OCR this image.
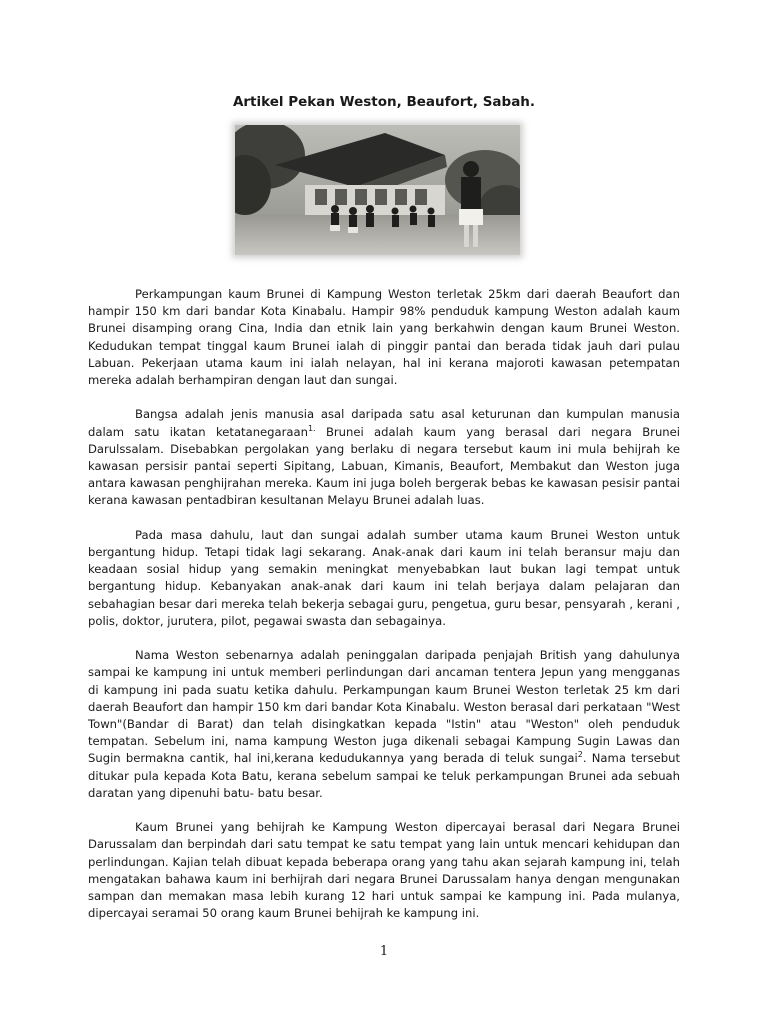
Artikel Pekan Weston, Beaufort, Sabah.

Perkampungan kaum Brunei di Kampung Weston terletak 25km dari daerah Beaufort dan hampir 150 km dari bandar Kota Kinabalu. Hampir 98% penduduk kampung Weston adalah kaum Brunei disamping orang Cina, India dan etnik lain yang berkahwin dengan kaum Brunei Weston. Kedudukan tempat tinggal kaum Brunei ialah di pinggir pantai dan berada tidak jauh dari pulau Labuan. Pekerjaan utama kaum ini ialah nelayan, hal ini kerana majoroti kawasan petempatan mereka adalah berhampiran dengan laut dan sungai.

Bangsa adalah jenis manusia asal daripada satu asal keturunan dan kumpulan manusia dalam satu ikatan ketatanegaraan$^{1.}$ Brunei adalah kaum yang berasal dari negara Brunei Darulssalam. Disebabkan pergolakan yang berlaku di negara tersebut kaum ini mula behijrah ke kawasan persisir pantai seperti Sipitang, Labuan, Kimanis, Beaufort, Membakut dan Weston juga antara kawasan penghijrahan mereka. Kaum ini juga boleh bergerak bebas ke kawasan pesisir pantai kerana kawasan pentadbiran kesultanan Melayu Brunei adalah luas.

Pada masa dahulu, laut dan sungai adalah sumber utama kaum Brunei Weston untuk bergantung hidup. Tetapi tidak lagi sekarang. Anak-anak dari kaum ini telah beransur maju dan keadaan sosial hidup yang semakin meningkat menyebabkan laut bukan lagi tempat untuk bergantung hidup. Kebanyakan anak-anak dari kaum ini telah berjaya dalam pelajaran dan sebahagian besar dari mereka telah bekerja sebagai guru, pengetua, guru besar, pensyarah , kerani , polis, doktor, jurutera, pilot, pegawai swasta dan sebagainya.

Nama Weston sebenarnya adalah peninggalan daripada penjajah British yang dahulunya sampai ke kampung ini untuk memberi perlindungan dari ancaman tentera Jepun yang mengganas di kampung ini pada suatu ketika dahulu. Perkampungan kaum Brunei Weston terletak 25 km dari daerah Beaufort dan hampir 150 km dari bandar Kota Kinabalu. Weston berasal dari perkataan "West Town"(Bandar di Barat) dan telah disingkatkan kepada "Istin" atau "Weston" oleh penduduk tempatan. Sebelum ini, nama kampung Weston juga dikenali sebagai Kampung Sugin Lawas dan Sugin bermakna cantik, hal ini,kerana kedudukannya yang berada di teluk sungai$^2$. Nama tersebut ditukar pula kepada Kota Batu, kerana sebelum sampai ke teluk perkampungan Brunei ada sebuah daratan yang dipenuhi batu- batu besar.

Kaum Brunei yang behijrah ke Kampung Weston dipercayai berasal dari Negara Brunei Darussalam dan berpindah dari satu tempat ke satu tempat yang lain untuk mencari kehidupan dan perlindungan. Kajian telah dibuat kepada beberapa orang yang tahu akan sejarah kampung ini, telah mengatakan bahawa kaum ini berhijrah dari negara Brunei Darussalam hanya dengan mengunakan sampan dan memakan masa lebih kurang 12 hari untuk sampai ke kampung ini. Pada mulanya, dipercayai seramai 50 orang kaum Brunei behijrah ke kampung ini.

1
